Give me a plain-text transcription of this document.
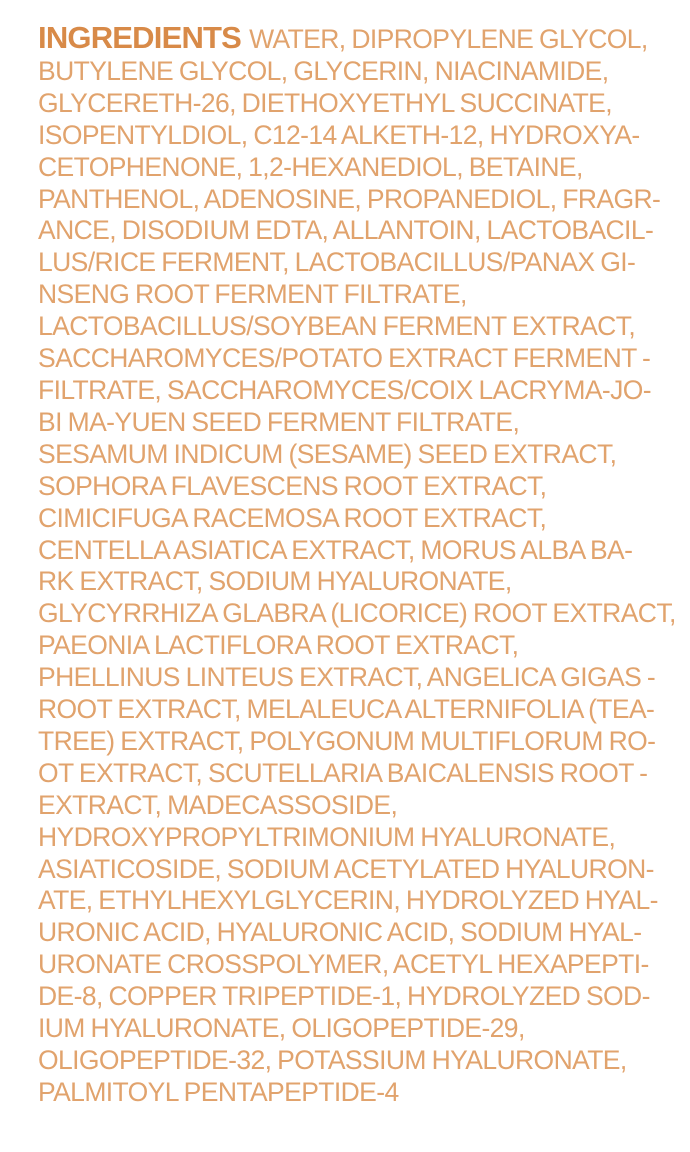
INGREDIENTS WATER, DIPROPYLENE GLYCOL,
BUTYLENE GLYCOL, GLYCERIN, NIACINAMIDE,
GLYCERETH-26, DIETHOXYETHYL SUCCINATE,
ISOPENTYLDIOL, C12-14 ALKETH-12, HYDROXYA-
CETOPHENONE, 1,2-HEXANEDIOL, BETAINE,
PANTHENOL, ADENOSINE, PROPANEDIOL, FRAGR-
ANCE, DISODIUM EDTA, ALLANTOIN, LACTOBACIL-
LUS/RICE FERMENT, LACTOBACILLUS/PANAX GI-
NSENG ROOT FERMENT FILTRATE,
LACTOBACILLUS/SOYBEAN FERMENT EXTRACT,
SACCHAROMYCES/POTATO EXTRACT FERMENT -
FILTRATE, SACCHAROMYCES/COIX LACRYMA-JO-
BI MA-YUEN SEED FERMENT FILTRATE,
SESAMUM INDICUM (SESAME) SEED EXTRACT,
SOPHORA FLAVESCENS ROOT EXTRACT,
CIMICIFUGA RACEMOSA ROOT EXTRACT,
CENTELLA ASIATICA EXTRACT, MORUS ALBA BA-
RK EXTRACT, SODIUM HYALURONATE,
GLYCYRRHIZA GLABRA (LICORICE) ROOT EXTRACT,
PAEONIA LACTIFLORA ROOT EXTRACT,
PHELLINUS LINTEUS EXTRACT, ANGELICA GIGAS -
ROOT EXTRACT, MELALEUCA ALTERNIFOLIA (TEA-
TREE) EXTRACT, POLYGONUM MULTIFLORUM RO-
OT EXTRACT, SCUTELLARIA BAICALENSIS ROOT -
EXTRACT, MADECASSOSIDE,
HYDROXYPROPYLTRIMONIUM HYALURONATE,
ASIATICOSIDE, SODIUM ACETYLATED HYALURON-
ATE, ETHYLHEXYLGLYCERIN, HYDROLYZED HYAL-
URONIC ACID, HYALURONIC ACID, SODIUM HYAL-
URONATE CROSSPOLYMER, ACETYL HEXAPEPTI-
DE-8, COPPER TRIPEPTIDE-1, HYDROLYZED SOD-
IUM HYALURONATE, OLIGOPEPTIDE-29,
OLIGOPEPTIDE-32, POTASSIUM HYALURONATE,
PALMITOYL PENTAPEPTIDE-4
